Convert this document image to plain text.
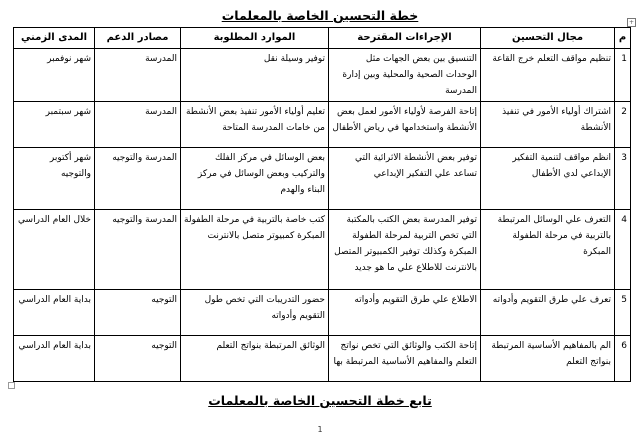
خطة التحسين الخاصة بالمعلمات	+
م	مجال التحسين	الإجراءات المقترحة	الموارد المطلوبة	مصادر الدعم	المدى الزمني
1	تنظيم مواقف التعلم خرج القاعة	التنسيق بين بعض الجهات مثل الوحدات الصحية والمحلية وبين إدارة المدرسة	توفير وسيلة نقل	المدرسة	شهر نوفمبر
2	اشتراك أولياء الأمور في تنفيذ الأنشطة	إتاحة الفرصة لأولياء الأمور لعمل بعض الأنشطة واستخدامها في رياض الأطفال	تعليم أولياء الأمور تنفيذ بعض الأنشطة من خامات المدرسة المتاحة	المدرسة	شهر سبتمبر
3	انظم مواقف لتنمية التفكير الإبداعي لدي الأطفال	توفير بعض الأنشطة الاثرائية التي تساعد علي التفكير الإبداعي	بعض الوسائل في مركز الفلك والتركيب وبعض الوسائل في مركز البناء والهدم	المدرسة والتوجيه	شهر أكتوبر والتوجيه
4	التعرف علي الوسائل المرتبطة بالتربية في مرحلة الطفولة المبكرة	توفير المدرسة بعض الكتب بالمكتبة التي تخص التربية لمرحلة الطفولة المبكرة وكذلك توفير الكمبيوتر المتصل بالانترنت للاطلاع علي ما هو جديد	كتب خاصة بالتربية في مرحلة الطفولة المبكرة كمبيوتر متصل بالانترنت	المدرسة والتوجيه	خلال العام الدراسي
5	تعرف علي طرق التقويم وأدواته	الاطلاع علي طرق التقويم وأدواته	حضور التدريبات التي تخص طول التقويم وأدواته	التوجيه	بداية العام الدراسي
6	الم بالمفاهيم الأساسية المرتبطة بنواتج التعلم	إتاحة الكتب والوثائق التي تخص نواتج التعلم والمفاهيم الأساسية المرتبطة بها	الوثائق المرتبطة بنواتج التعلم	التوجيه	بداية العام الدراسي
تابع خطة التحسين الخاصة بالمعلمات
1
